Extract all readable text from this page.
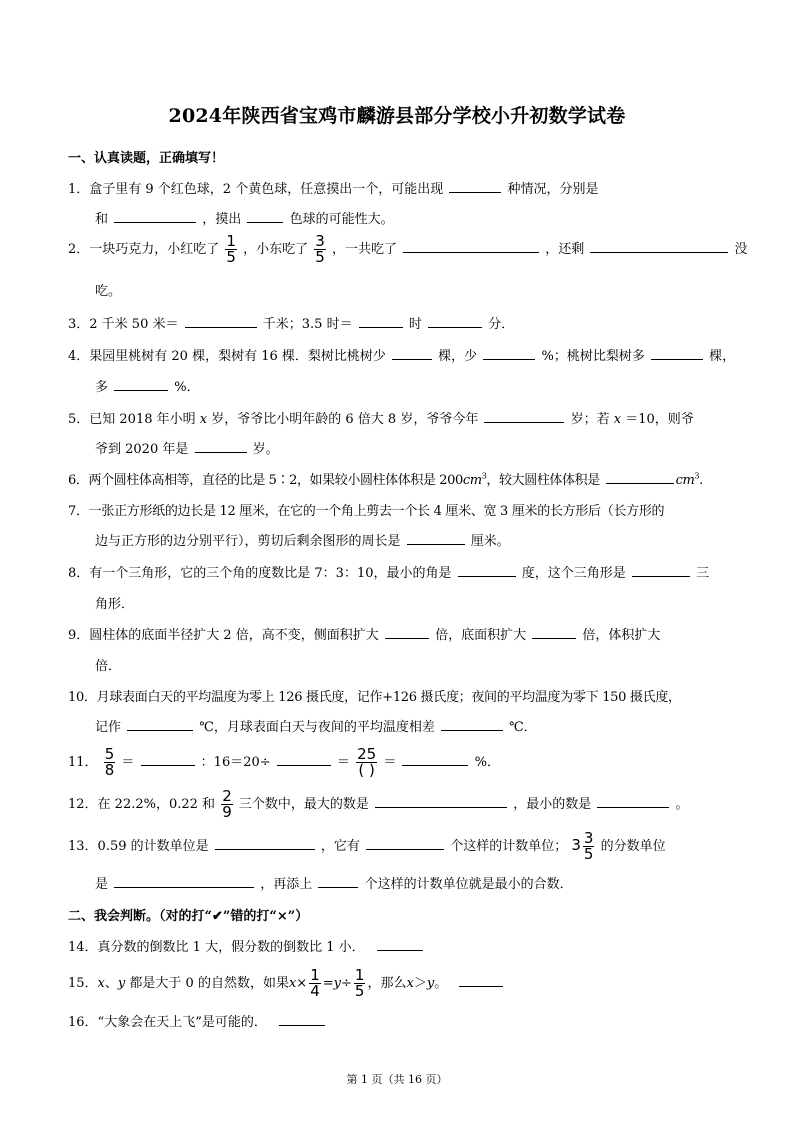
2024年陕西省宝鸡市麟游县部分学校小升初数学试卷
一、认真读题，正确填写！
1．盒子里有 9 个红色球，2 个黄色球，任意摸出一个，可能出现	种情况，分别是
和	，摸出	色球的可能性大。
2．一块巧克力，小红吃了 $\frac{1}{5}$ ，小东吃了 $\frac{3}{5}$ ，一共吃了	，还剩	没
吃。
3．2 千米 50 米＝	千米；3.5 时＝	时	分．
4．果园里桃树有 20 棵，梨树有 16 棵．梨树比桃树少	棵，少	%；桃树比梨树多	棵，
多	%．
5．已知 2018 年小明 x 岁，爷爷比小明年龄的 6 倍大 8 岁，爷爷今年	岁；若 x ＝10，则爷
爷到 2020 年是	岁。
6．两个圆柱体高相等，直径的比是 5∶2，如果较小圆柱体体积是 $200cm^3$，较大圆柱体体积是	$cm^3$.
7．一张正方形纸的边长是 12 厘米，在它的一个角上剪去一个长 4 厘米、宽 3 厘米的长方形后（长方形的
边与正方形的边分别平行），剪切后剩余图形的周长是	厘米。
8．有一个三角形，它的三个角的度数比是 7：3：10，最小的角是	度，这个三角形是	三
角形．
9．圆柱体的底面半径扩大 2 倍，高不变，侧面积扩大	倍，底面积扩大	倍，体积扩大
倍．
10．月球表面白天的平均温度为零上 126 摄氏度，记作+126 摄氏度；夜间的平均温度为零下 150 摄氏度，
记作	℃，月球表面白天与夜间的平均温度相差	℃．
11． $\frac{5}{8}$ ＝	：16＝20÷	＝ $\frac{25}{( )}$ ＝	%．
12．在 22.2%，0.22 和 $\frac{2}{9}$ 三个数中，最大的数是	，最小的数是	。
13．0.59 的计数单位是	，它有	个这样的计数单位； $3 \frac{3}{5}$ 的分数单位
是	，再添上	个这样的计数单位就是最小的合数．
二、我会判断。（对的打“✔”错的打“×”）
14．真分数的倒数比 1 大，假分数的倒数比 1 小．
15．x、y 都是大于 0 的自然数，如果$x\times \frac{1}{4} =y\div \frac{1}{5}$ ，那么x＞y。
16．“大象会在天上飞”是可能的．
第 1 页（共 16 页）
